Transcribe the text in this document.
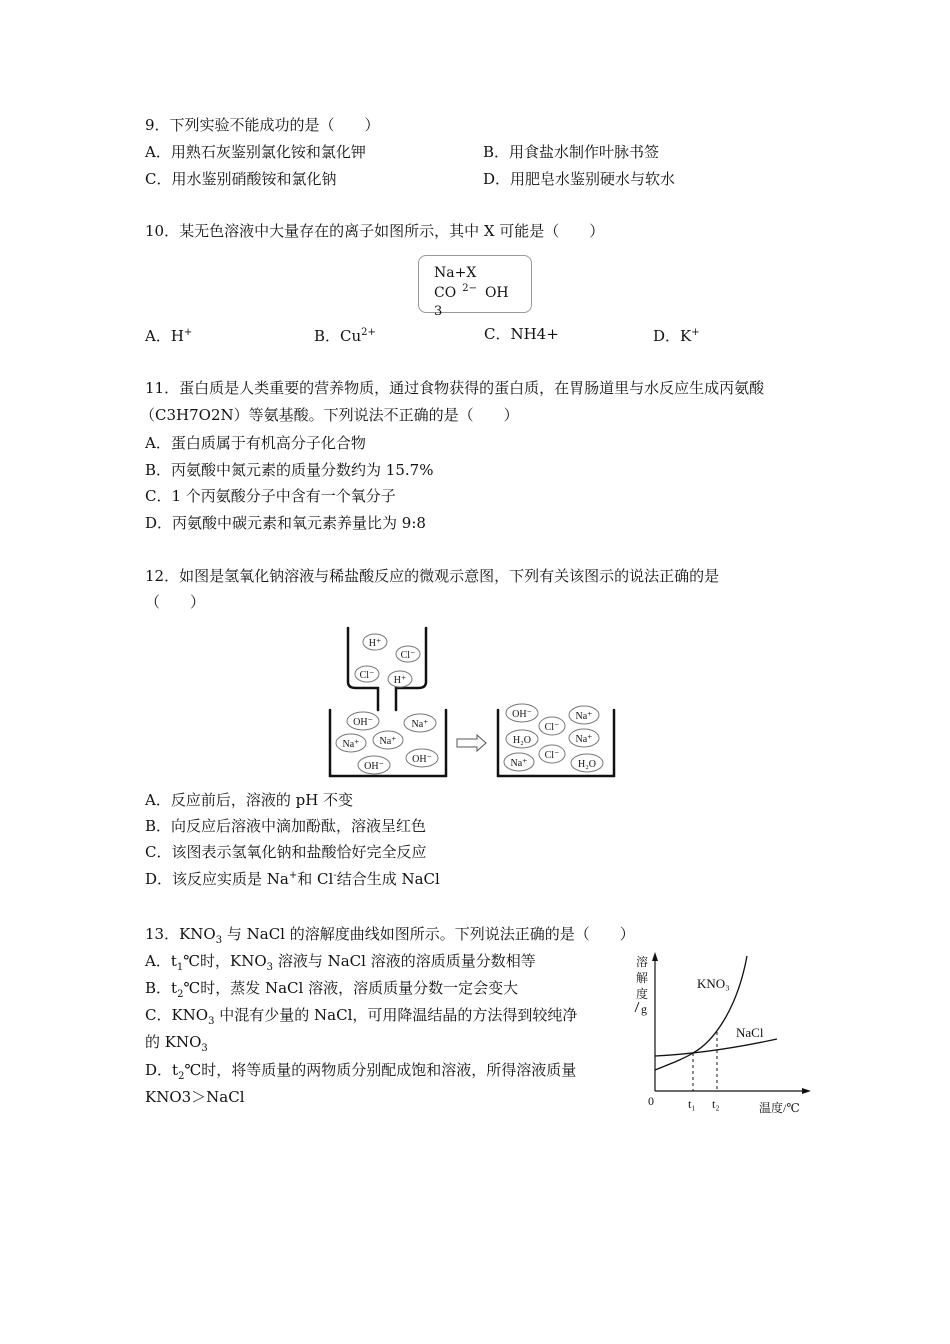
9．下列实验不能成功的是（　　）
A．用熟石灰鉴别氯化铵和氯化钾	B．用食盐水制作叶脉书签
C．用水鉴别硝酸铵和氯化钠	D．用肥皂水鉴别硬水与软水
10．某无色溶液中大量存在的离子如图所示，其中 X 可能是（　　）
Na+X
CO $^{2-}$ OH
3
A．H+	B．$Cu^{2+}$	C．NH4+	D．K+
11．蛋白质是人类重要的营养物质，通过食物获得的蛋白质，在胃肠道里与水反应生成丙氨酸
（C3H7O2N）等氨基酸。下列说法不正确的是（　　）
A．蛋白质属于有机高分子化合物
B．丙氨酸中氮元素的质量分数约为 15.7%
C．1 个丙氨酸分子中含有一个氧分子
D．丙氨酸中碳元素和氧元素养量比为 9:8
12．如图是氢氧化钠溶液与稀盐酸反应的微观示意图，下列有关该图示的说法正确的是
（　　）
H⁺
Cl⁻
Cl⁻ H⁺
OH⁻	Na⁺
Na⁺ Na⁺
OH⁻
OH⁻
OH⁻
Cl⁻
Na⁺
H₂O	Na⁺
Cl⁻
Na⁺	H₂O
A．反应前后，溶液的 pH 不变
B．向反应后溶液中滴加酚酞，溶液呈红色
C．该图表示氢氧化钠和盐酸恰好完全反应
D．该反应实质是 Na+和 Cl-结合生成 NaCl
13．$KNO_3$ 与 NaCl 的溶解度曲线如图所示。下列说法正确的是（　　）
A．$t_1℃$时，$KNO_3$ 溶液与 NaCl 溶液的溶质质量分数相等
B．$t_2℃$时，蒸发 NaCl 溶液，溶质质量分数一定会变大
C．$KNO_3$ 中混有少量的 NaCl，可用降温结晶的方法得到较纯净
的 $KNO_3$
D．$t_2℃$时，将等质量的两物质分别配成饱和溶液，所得溶液质量
KNO3＞NaCl
溶
解
度
g
KNO₃
NaCl
0	t₁ t₂	温度/℃
